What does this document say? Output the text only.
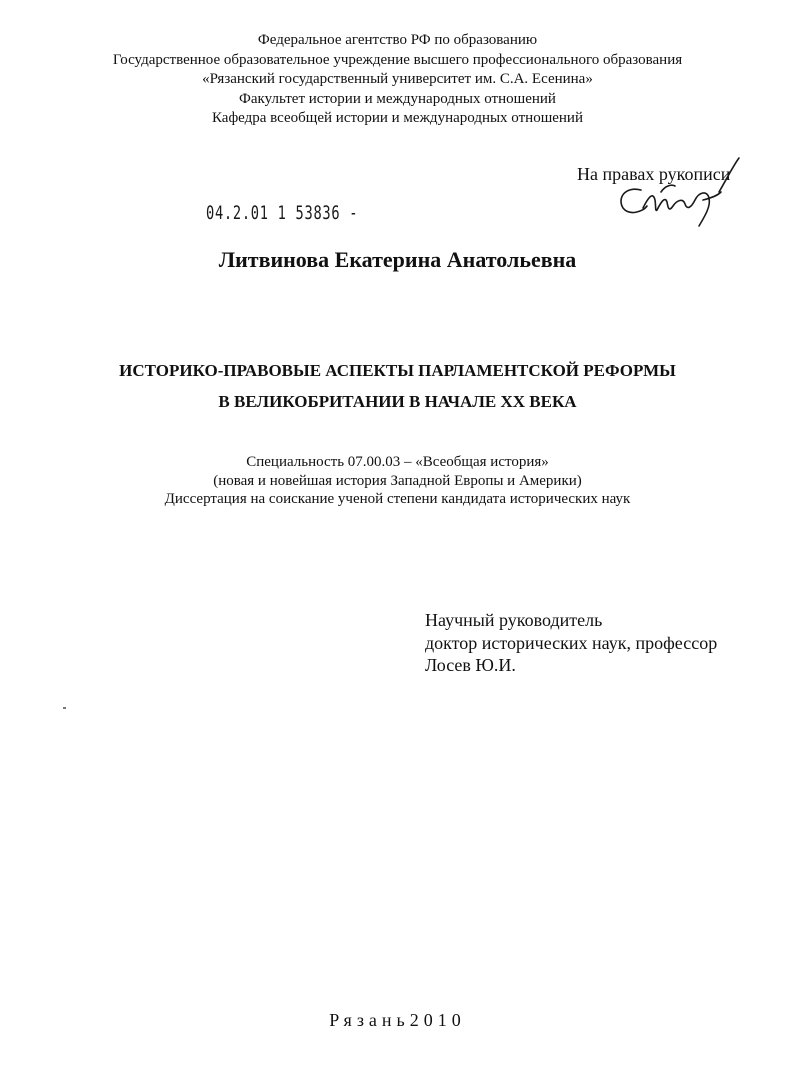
Федеральное агентство РФ по образованию
Государственное образовательное учреждение высшего профессионального образования
«Рязанский государственный университет им. С.А. Есенина»
Факультет истории и международных отношений
Кафедра всеобщей истории и международных отношений
На правах рукописи
04.2.01 1 53836 -
Литвинова Екатерина Анатольевна
ИСТОРИКО-ПРАВОВЫЕ АСПЕКТЫ ПАРЛАМЕНТСКОЙ РЕФОРМЫ
В ВЕЛИКОБРИТАНИИ В НАЧАЛЕ XX ВЕКА
Специальность 07.00.03 – «Всеобщая история»
(новая и новейшая история Западной Европы и Америки)
Диссертация на соискание ученой степени кандидата исторических наук
Научный руководитель
доктор исторических наук, профессор
Лосев Ю.И.
Рязань2010
